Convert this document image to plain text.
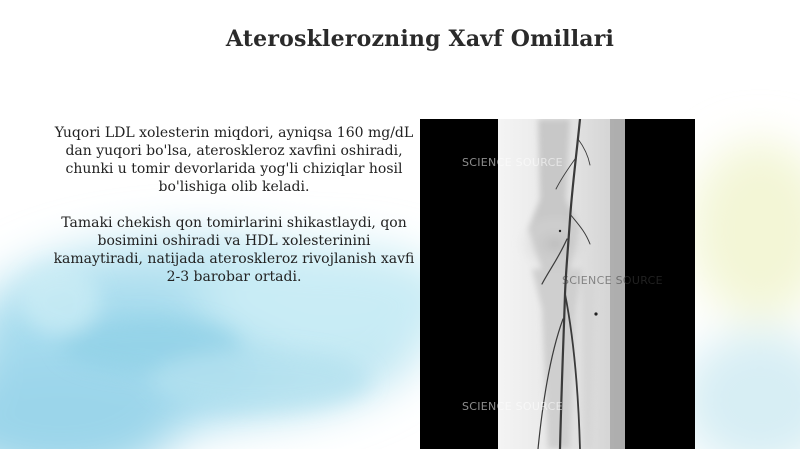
Aterosklerozning Xavf Omillari

Yuqori LDL xolesterin miqdori, ayniqsa 160 mg/dL dan yuqori bo'lsa, ateroskleroz xavfini oshiradi, chunki u tomir devorlarida yog'li chiziqlar hosil bo'lishiga olib keladi.

Tamaki chekish qon tomirlarini shikastlaydi, qon bosimini oshiradi va HDL xolesterinini kamaytiradi, natijada ateroskleroz rivojlanish xavfi 2-3 barobar ortadi.

SCIENCE SOURCE
SCIENCE SOURCE
SCIENCE SOURCE
